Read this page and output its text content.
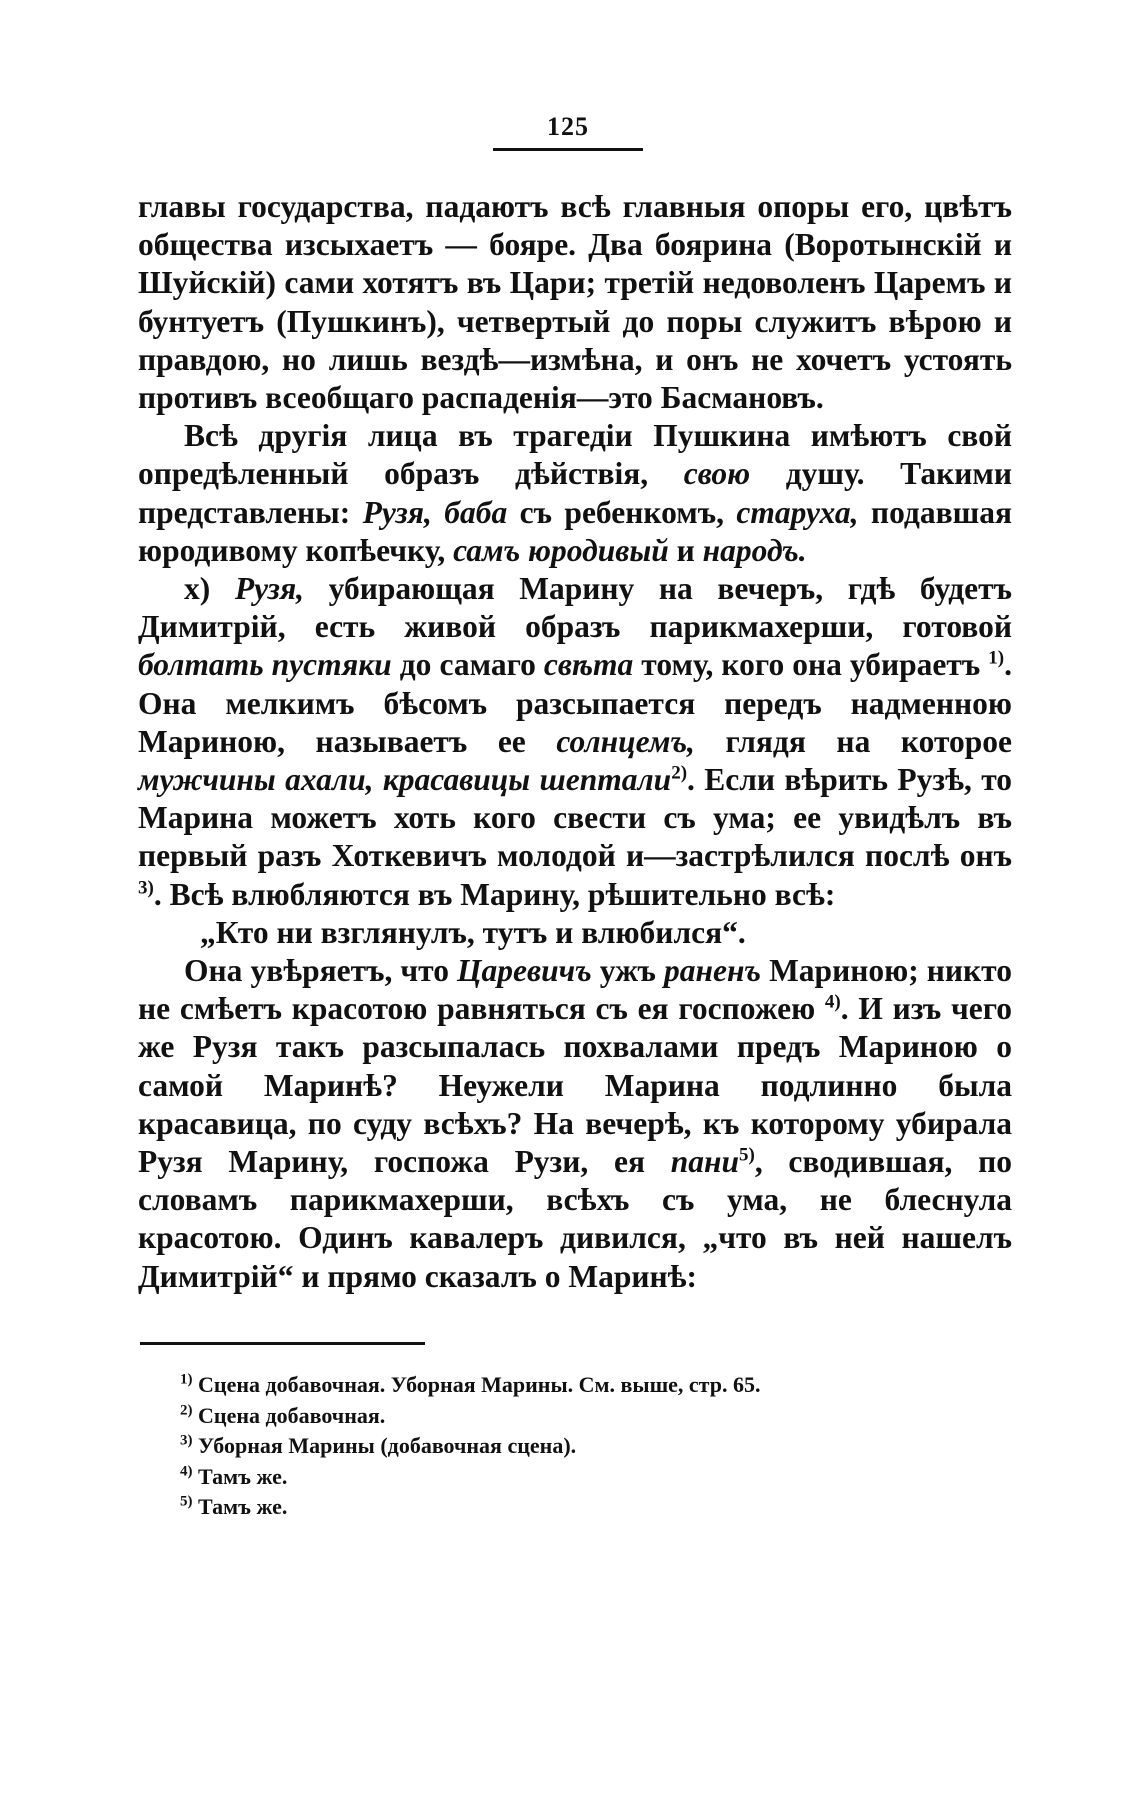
125

главы государства, падаютъ всѣ главныя опоры его, цвѣтъ общества изсыхаетъ — бояре. Два боярина (Воротынскій и Шуйскій) сами хотятъ въ Цари; третій недоволенъ Царемъ и бунтуетъ (Пушкинъ), четвертый до поры служитъ вѣрою и правдою, но лишь вездѣ—измѣна, и онъ не хочетъ устоять противъ всеобщаго распаденія—это Басмановъ.

Всѣ другія лица въ трагедіи Пушкина имѣютъ свой опредѣленный образъ дѣйствія, свою душу. Такими представлены: Рузя, баба съ ребенкомъ, старуха, подавшая юродивому копѣечку, самъ юродивый и народъ.

x) Рузя, убирающая Марину на вечеръ, гдѣ будетъ Димитрій, есть живой образъ парикмахерши, готовой болтать пустяки до самаго свѣта тому, кого она убираетъ $^{1)}$. Она мелкимъ бѣсомъ разсыпается передъ надменною Мариною, называетъ ее солнцемъ, глядя на которое мужчины ахали, красавицы шептали$^{2)}$. Если вѣрить Рузѣ, то Марина можетъ хоть кого свести съ ума; ее увидѣлъ въ первый разъ Хоткевичъ молодой и—застрѣлился послѣ онъ $^{3)}$. Всѣ влюбляются въ Марину, рѣшительно всѣ:

„Кто ни взглянулъ, тутъ и влюбился“.

Она увѣряетъ, что Царевичъ ужъ раненъ Мариною; никто не смѣетъ красотою равняться съ ея госпожею $^{4)}$. И изъ чего же Рузя такъ разсыпалась похвалами предъ Мариною о самой Маринѣ? Неужели Марина подлинно была красавица, по суду всѣхъ? На вечерѣ, къ которому убирала Рузя Марину, госпожа Рузи, ея пани$^{5)}$, сводившая, по словамъ парикмахерши, всѣхъ съ ума, не блеснула красотою. Одинъ кавалеръ дивился, „что въ ней нашелъ Димитрій“ и прямо сказалъ о Маринѣ:

$^{1)}$ Сцена добавочная. Уборная Марины. См. выше, стр. 65.
$^{2)}$ Сцена добавочная.
$^{3)}$ Уборная Марины (добавочная сцена).
$^{4)}$ Тамъ же.
$^{5)}$ Тамъ же.
